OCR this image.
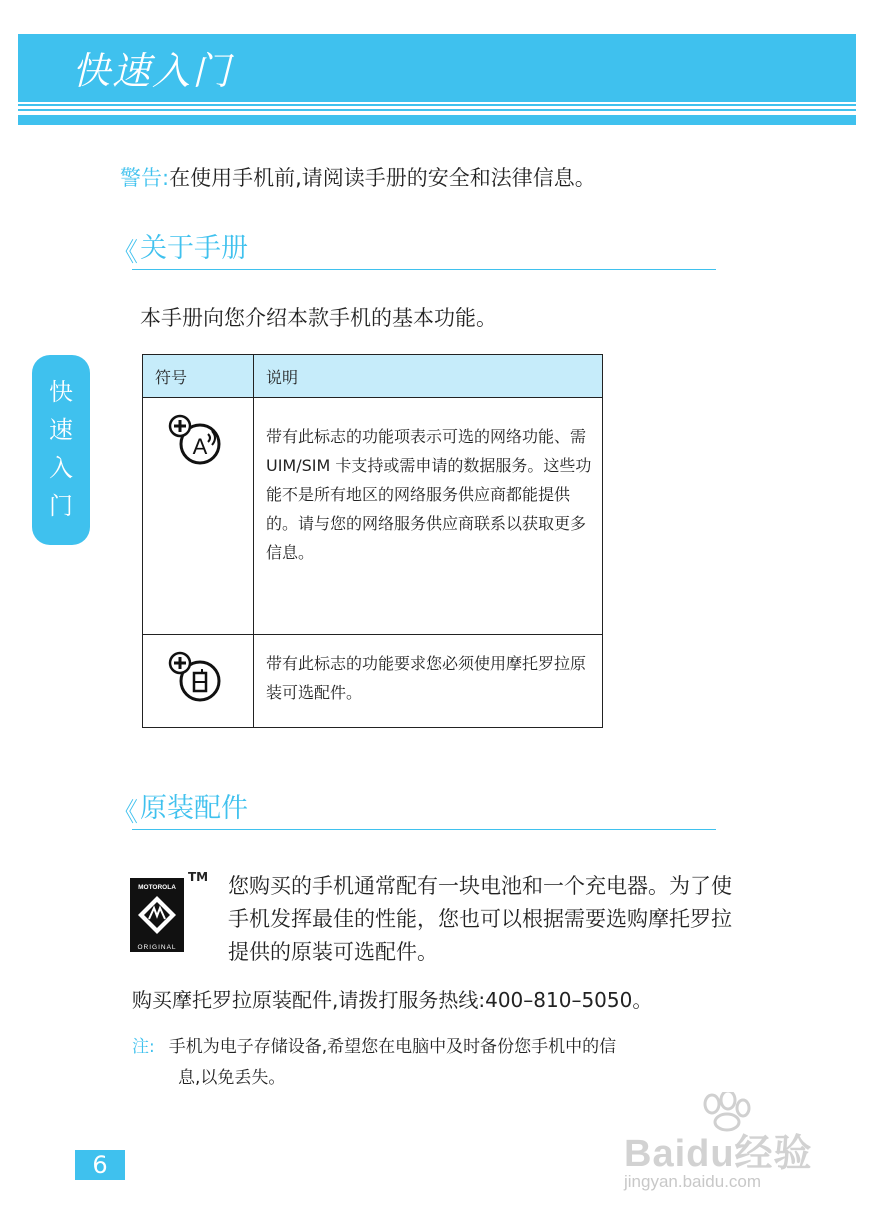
快速入门
快
速
入
门
警告:在使用手机前,请阅读手册的安全和法律信息。
《 关于手册
本手册向您介绍本款手机的基本功能。
符号	说明

A	带有此标志的功能项表示可选的网络功能、需 UIM/SIM 卡支持或需申请的数据服务。这些功能不是所有地区的网络服务供应商都能提供的。请与您的网络服务供应商联系以获取更多信息。
	带有此标志的功能要求您必须使用摩托罗拉原装可选配件。
《 原装配件
MOTOROLA
ORIGINAL
TM 您购买的手机通常配有一块电池和一个充电器。为了使手机发挥最佳的性能，您也可以根据需要选购摩托罗拉提供的原装可选配件。
购买摩托罗拉原装配件,请拨打服务热线:400–810–5050。
注: 手机为电子存储设备,希望您在电脑中及时备份您手机中的信
息,以免丢失。
6	Baidu经验
jingyan.baidu.com
